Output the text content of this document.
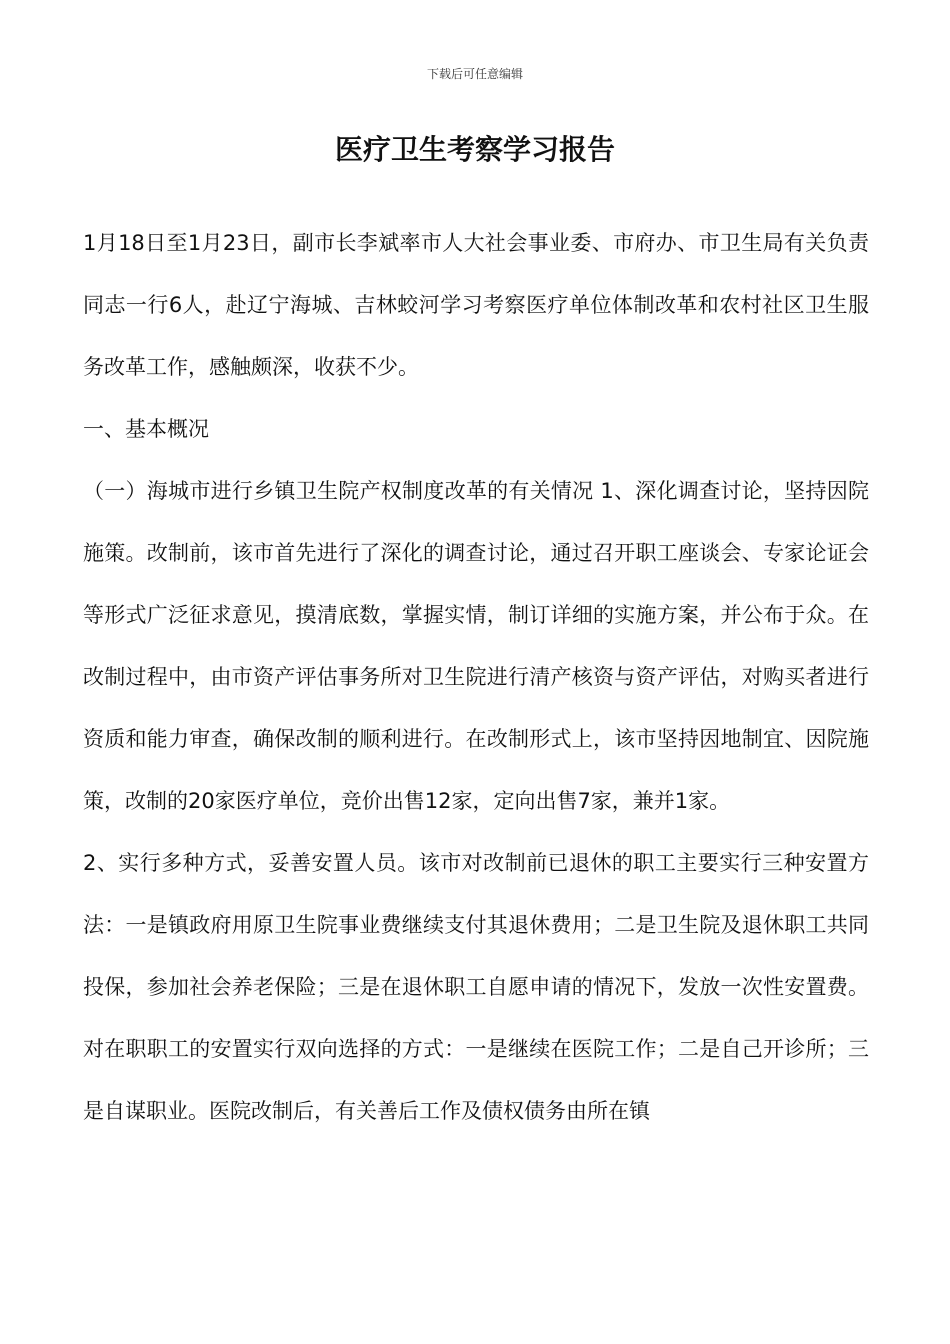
下载后可任意编辑
医疗卫生考察学习报告

1月18日至1月23日，副市长李斌率市人大社会事业委、市府办、市卫生局有关负责同志一行6人，赴辽宁海城、吉林蛟河学习考察医疗单位体制改革和农村社区卫生服务改革工作，感触颇深，收获不少。

一、基本概况

（一）海城市进行乡镇卫生院产权制度改革的有关情况 1、深化调查讨论，坚持因院施策。改制前，该市首先进行了深化的调查讨论，通过召开职工座谈会、专家论证会等形式广泛征求意见，摸清底数，掌握实情，制订详细的实施方案，并公布于众。在改制过程中，由市资产评估事务所对卫生院进行清产核资与资产评估，对购买者进行资质和能力审查，确保改制的顺利进行。在改制形式上，该市坚持因地制宜、因院施策，改制的20家医疗单位，竞价出售12家，定向出售7家，兼并1家。

2、实行多种方式，妥善安置人员。该市对改制前已退休的职工主要实行三种安置方法：一是镇政府用原卫生院事业费继续支付其退休费用；二是卫生院及退休职工共同投保，参加社会养老保险；三是在退休职工自愿申请的情况下，发放一次性安置费。对在职职工的安置实行双向选择的方式：一是继续在医院工作；二是自己开诊所；三是自谋职业。医院改制后，有关善后工作及债权债务由所在镇
